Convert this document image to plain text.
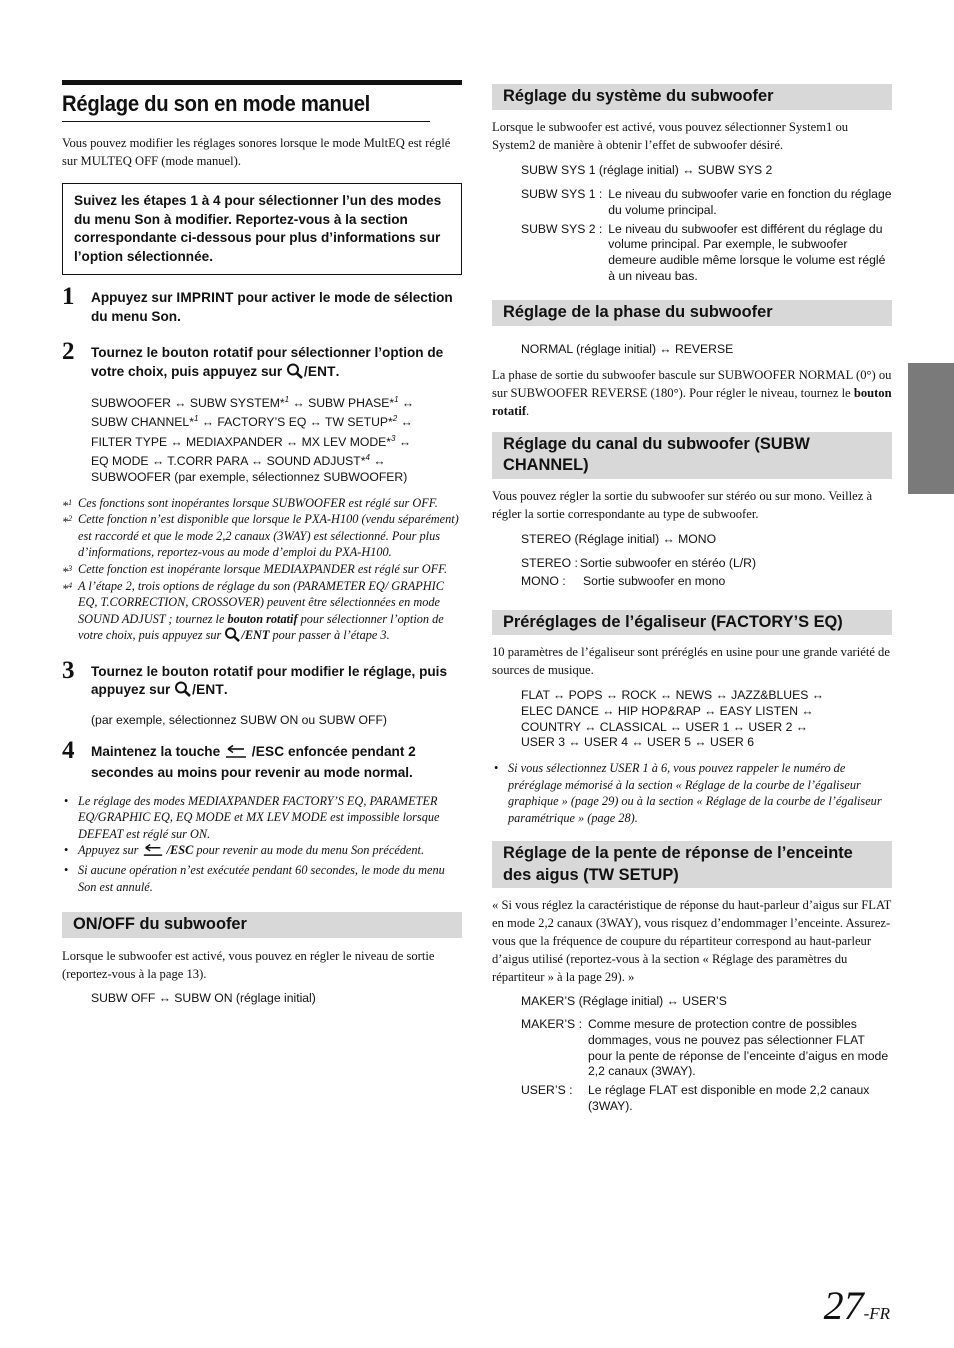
Réglage du son en mode manuel
Vous pouvez modifier les réglages sonores lorsque le mode MultEQ est réglé sur MULTEQ OFF (mode manuel).
Suivez les étapes 1 à 4 pour sélectionner l’un des modes du menu Son à modifier. Reportez-vous à la section correspondante ci-dessous pour plus d’informations sur l’option sélectionnée.
1 Appuyez sur IMPRINT pour activer le mode de sélection du menu Son.
2 Tournez le bouton rotatif pour sélectionner l’option de votre choix, puis appuyez sur /ENT.
SUBWOOFER ↔ SUBW SYSTEM*$^1$ ↔ SUBW PHASE*$^1$ ↔
SUBW CHANNEL*$^1$ ↔ FACTORY’S EQ ↔ TW SETUP*$^2$ ↔
FILTER TYPE ↔ MEDIAXPANDER ↔ MX LEV MODE*$^3$ ↔
EQ MODE ↔ T.CORR PARA ↔ SOUND ADJUST*$^4$ ↔
SUBWOOFER (par exemple, sélectionnez SUBWOOFER)
*$^1$ Ces fonctions sont inopérantes lorsque SUBWOOFER est réglé sur OFF.
*$^2$ Cette fonction n’est disponible que lorsque le PXA-H100 (vendu séparément) est raccordé et que le mode 2,2 canaux (3WAY) est sélectionné. Pour plus d’informations, reportez-vous au mode d’emploi du PXA-H100.
*$^3$ Cette fonction est inopérante lorsque MEDIAXPANDER est réglé sur OFF.
*$^4$ A l’étape 2, trois options de réglage du son (PARAMETER EQ/ GRAPHIC EQ, T.CORRECTION, CROSSOVER) peuvent être sélectionnées en mode SOUND ADJUST ; tournez le bouton rotatif pour sélectionner l’option de votre choix, puis appuyez sur /ENT pour passer à l’étape 3.
3 Tournez le bouton rotatif pour modifier le réglage, puis appuyez sur /ENT.
(par exemple, sélectionnez SUBW ON ou SUBW OFF)
4 Maintenez la touche  /ESC enfoncée pendant 2 secondes au moins pour revenir au mode normal.
• Le réglage des modes MEDIAXPANDER FACTORY’S EQ, PARAMETER EQ/GRAPHIC EQ, EQ MODE et MX LEV MODE est impossible lorsque DEFEAT est réglé sur ON.
• Appuyez sur  /ESC pour revenir au mode du menu Son précédent.
• Si aucune opération n’est exécutée pendant 60 secondes, le mode du menu Son est annulé.
ON/OFF du subwoofer
Lorsque le subwoofer est activé, vous pouvez en régler le niveau de sortie (reportez-vous à la page 13).
SUBW OFF ↔ SUBW ON (réglage initial)
Réglage du système du subwoofer
Lorsque le subwoofer est activé, vous pouvez sélectionner System1 ou System2 de manière à obtenir l’effet de subwoofer désiré.
SUBW SYS 1 (réglage initial) ↔ SUBW SYS 2
SUBW SYS 1 : Le niveau du subwoofer varie en fonction du réglage du volume principal.
SUBW SYS 2 : Le niveau du subwoofer est différent du réglage du volume principal. Par exemple, le subwoofer demeure audible même lorsque le volume est réglé à un niveau bas.
Réglage de la phase du subwoofer
NORMAL (réglage initial) ↔ REVERSE
La phase de sortie du subwoofer bascule sur SUBWOOFER NORMAL (0°) ou sur SUBWOOFER REVERSE (180°). Pour régler le niveau, tournez le bouton rotatif.
Réglage du canal du subwoofer (SUBW CHANNEL)
Vous pouvez régler la sortie du subwoofer sur stéréo ou sur mono. Veillez à régler la sortie correspondante au type de subwoofer.
STEREO (Réglage initial) ↔ MONO
STEREO : Sortie subwoofer en stéréo (L/R)
MONO :	Sortie subwoofer en mono
Préréglages de l’égaliseur (FACTORY’S EQ)
10 paramètres de l’égaliseur sont préréglés en usine pour une grande variété de sources de musique.
FLAT ↔ POPS ↔ ROCK ↔ NEWS ↔ JAZZ&BLUES ↔
ELEC DANCE ↔ HIP HOP&RAP ↔ EASY LISTEN ↔
COUNTRY ↔ CLASSICAL ↔ USER 1 ↔ USER 2 ↔
USER 3 ↔ USER 4 ↔ USER 5 ↔ USER 6
• Si vous sélectionnez USER 1 à 6, vous pouvez rappeler le numéro de préréglage mémorisé à la section « Réglage de la courbe de l’égaliseur graphique » (page 29) ou à la section « Réglage de la courbe de l’égaliseur paramétrique » (page 28).
Réglage de la pente de réponse de l’enceinte des aigus (TW SETUP)
« Si vous réglez la caractéristique de réponse du haut-parleur d’aigus sur FLAT en mode 2,2 canaux (3WAY), vous risquez d’endommager l’enceinte. Assurez-vous que la fréquence de coupure du répartiteur correspond au haut-parleur d’aigus utilisé (reportez-vous à la section « Réglage des paramètres du répartiteur » à la page 29). »
MAKER’S (Réglage initial) ↔ USER’S
MAKER’S : Comme mesure de protection contre de possibles dommages, vous ne pouvez pas sélectionner FLAT pour la pente de réponse de l’enceinte d’aigus en mode 2,2 canaux (3WAY).
USER’S :	Le réglage FLAT est disponible en mode 2,2 canaux (3WAY).
27-FR
